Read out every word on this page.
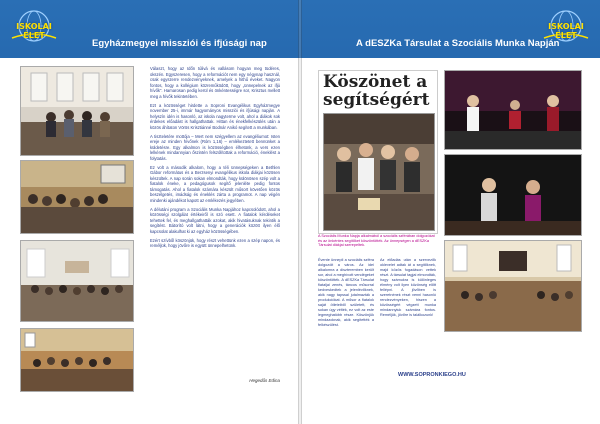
ISKOLAI ÉLET
Egyházmegyei missziói és ifjúsági nap

Választ, hogy az Időn túlivá és vallásom hogyan meg tüdéres, okszén. Egyszeresen, hogy a reformációt nem egy négynap használ, csak egyszerre rendezvényeknek, amelyek a hithű éveket. Nagyon fontos, hogy a kollégium közreműködött, hogy „ünnepelnek az ifjú hívők”. Hamarosan pedig kerül és önkéntességre sor, Krisztus mellett meg a hívők tekintetében.

Ezt a közösséget hirdette a Soproni Evangélikus Egyházmegye november 25-i, immár hagyományos missziói és ifjúsági napján. A helyszín idén is hasonló, az iskola nagyterme volt, ahol a diákok sok érdekes előadást is hallgathattak. Hittan és énekfelkészülés után a közös áhítaton Vörös Krisztiánné Bodnár Anikó segített a munkában.

A tiszteletére mottója – Mert nem szégyellem az evangéliumot: Isten ereje az minden hívőnek (Róm 1,16) – emlékeztetett bennünket a küldetésre. Egy alkalmon is közösségben élhetünk, a vers ezen lelkének mindannyian őszintén felszólítottak a reformáció, éneklést a folytatás.

Ez volt a második alkalom, hogy a téli ünnepségeken a Bethlen Gábor református és a Berzsenyi evangélikus iskola diákjai közösen készültek. A nap során sokan elmondták, hogy különösen szép volt a fiatalok éneke, a pedagógusok segítő jelenléte pedig fontos támogatás. Ahol a fiatalok számára készült műsort követően közös beszélgetés, imádság és éneklés zárta a programot. A nap végén mindenki ajándékot kapott az emlékezés jegyében.

A délutáni program a Szociális Munka Napjához kapcsolódott, ahol a közösségi szolgálat értékeiről is szó esett. A fiatalok kérdéseket tehettek fel, és meghallgathatták azokat, akik hivatásuknak tekintik a segítést. Bátorító volt látni, hogy a generációk között ilyen élő kapcsolat alakulhat ki az egyház közösségében.

Ezért szívből köszönjük, hogy részt vehettünk ezen a szép napon, és reméljük, hogy jövőre is együtt ünnepelhetünk.

Hegedűs Edina
ISKOLAI ÉLET
A dESZKa Társulat a Szociális Munka Napján
Köszönet a segítségért
A Szociális Munka Napja alkalmából a szociális szférában dolgozókat és az önkéntes segítőket köszöntötték. Az ünnepségen a dESZKa Társulat diákjai szerepeltek.
Évente ünnepli a szociális szféra dolgozóit a város. Az idei alkalomra a díszteremben került sor, ahol a meghívott vendégeket köszöntötték. A dESZKa Társulat fiataljai zenés, táncos műsorral kedveskedtek a jelenlévőknek, akik nagy tapssal jutalmazták a produkciókat. A műsor a fiatalok saját ötleteiből született, és sokan úgy vélték, ez volt az este legmeghatóbb része. Köszönjük mindazoknak, akik segítették a felkészülést.
Az előadás után a szervezők oklevelet adtak át a segítőknek, majd közös fogadáson vettek részt. A társulat tagjai elmondták, hogy számukra is különleges élmény volt ilyen közönség előtt fellépni. A jövőben is szeretnének részt venni hasonló rendezvényeken, hiszen a közösségért végzett munka mindannyiuk számára fontos. Reméljük, jövőre is találkozunk!
WWW.SOPRONKIEGO.HU
